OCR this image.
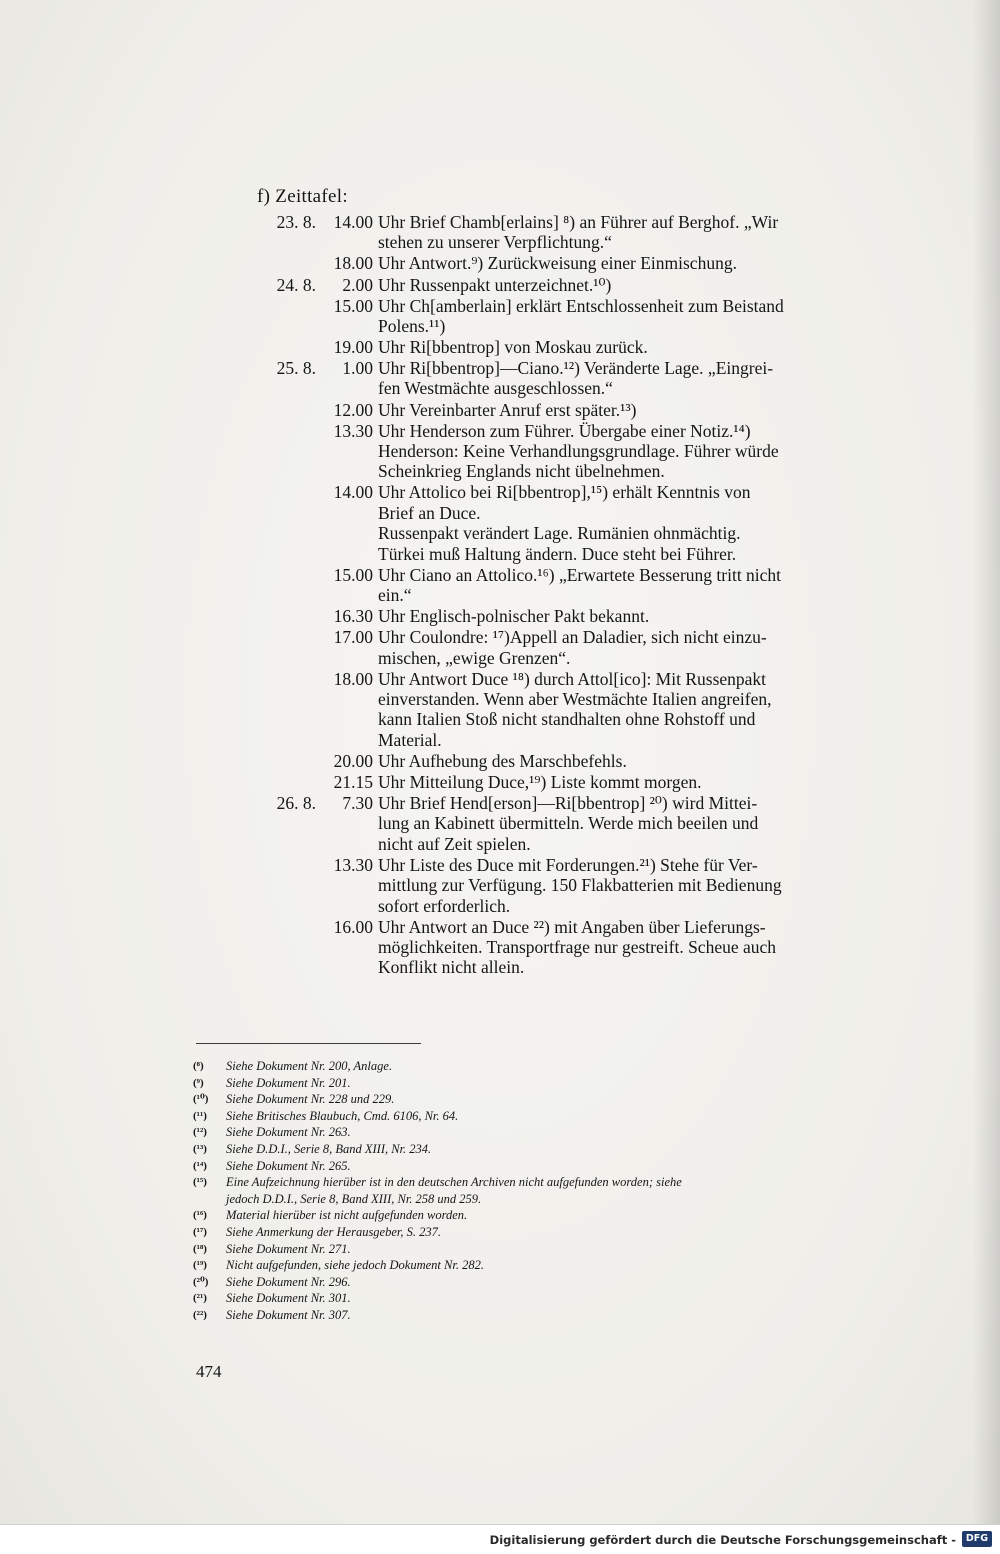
f) Zeittafel:
23. 8.	14.00 Uhr Brief Chamb[erlains] ⁸) an Führer auf Berghof. „Wir
stehen zu unserer Verpflichtung.“
18.00 Uhr Antwort.⁹) Zurückweisung einer Einmischung.
24. 8.	2.00 Uhr Russenpakt unterzeichnet.¹⁰)
15.00 Uhr Ch[amberlain] erklärt Entschlossenheit zum Beistand
Polens.¹¹)
19.00 Uhr Ri[bbentrop] von Moskau zurück.
25. 8.	1.00 Uhr Ri[bbentrop]—Ciano.¹²) Veränderte Lage. „Eingrei-
fen Westmächte ausgeschlossen.“
12.00 Uhr Vereinbarter Anruf erst später.¹³)
13.30 Uhr Henderson zum Führer. Übergabe einer Notiz.¹⁴)
Henderson: Keine Verhandlungsgrundlage. Führer würde
Scheinkrieg Englands nicht übelnehmen.
14.00 Uhr Attolico bei Ri[bbentrop],¹⁵) erhält Kenntnis von
Brief an Duce.
Russenpakt verändert Lage. Rumänien ohnmächtig.
Türkei muß Haltung ändern. Duce steht bei Führer.
15.00 Uhr Ciano an Attolico.¹⁶) „Erwartete Besserung tritt nicht
ein.“
16.30 Uhr Englisch-polnischer Pakt bekannt.
17.00 Uhr Coulondre: ¹⁷)Appell an Daladier, sich nicht einzu-
mischen, „ewige Grenzen“.
18.00 Uhr Antwort Duce ¹⁸) durch Attol[ico]: Mit Russenpakt
einverstanden. Wenn aber Westmächte Italien angreifen,
kann Italien Stoß nicht standhalten ohne Rohstoff und
Material.
20.00 Uhr Aufhebung des Marschbefehls.
21.15 Uhr Mitteilung Duce,¹⁹) Liste kommt morgen.
26. 8.	7.30 Uhr Brief Hend[erson]—Ri[bbentrop] ²⁰) wird Mittei-
lung an Kabinett übermitteln. Werde mich beeilen und
nicht auf Zeit spielen.
13.30 Uhr Liste des Duce mit Forderungen.²¹) Stehe für Ver-
mittlung zur Verfügung. 150 Flakbatterien mit Bedienung
sofort erforderlich.
16.00 Uhr Antwort an Duce ²²) mit Angaben über Lieferungs-
möglichkeiten. Transportfrage nur gestreift. Scheue auch
Konflikt nicht allein.
(⁸)	Siehe Dokument Nr. 200, Anlage.
(⁹)	Siehe Dokument Nr. 201.
(¹⁰)	Siehe Dokument Nr. 228 und 229.
(¹¹)	Siehe Britisches Blaubuch, Cmd. 6106, Nr. 64.
(¹²)	Siehe Dokument Nr. 263.
(¹³)	Siehe D.D.I., Serie 8, Band XIII, Nr. 234.
(¹⁴)	Siehe Dokument Nr. 265.
(¹⁵)	Eine Aufzeichnung hierüber ist in den deutschen Archiven nicht aufgefunden worden; siehe
jedoch D.D.I., Serie 8, Band XIII, Nr. 258 und 259.
(¹⁶)	Material hierüber ist nicht aufgefunden worden.
(¹⁷)	Siehe Anmerkung der Herausgeber, S. 237.
(¹⁸)	Siehe Dokument Nr. 271.
(¹⁹)	Nicht aufgefunden, siehe jedoch Dokument Nr. 282.
(²⁰)	Siehe Dokument Nr. 296.
(²¹)	Siehe Dokument Nr. 301.
(²²)	Siehe Dokument Nr. 307.
474
Digitalisierung gefördert durch die Deutsche Forschungsgemeinschaft -	DFG
